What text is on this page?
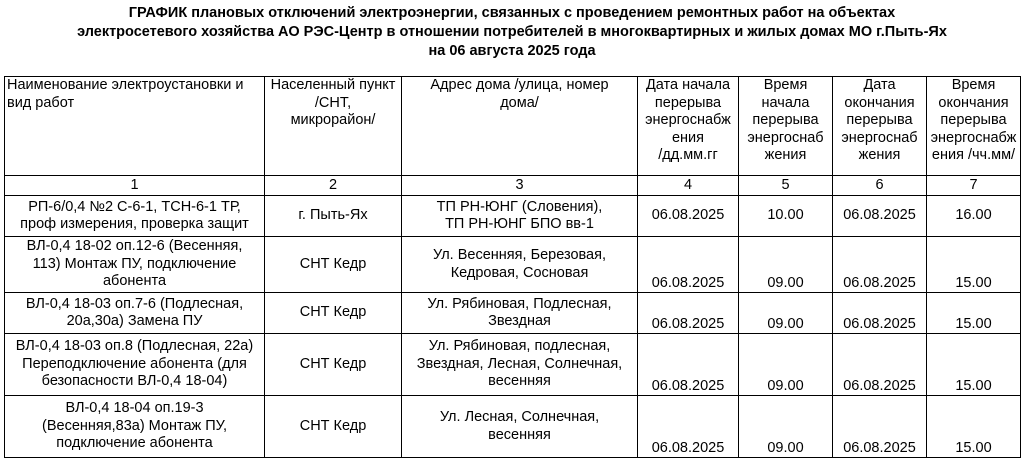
ГРАФИК плановых отключений электроэнергии, связанных с проведением ремонтных работ на объектах
электросетевого хозяйства АО РЭС-Центр в отношении потребителей в многоквартирных и жилых домах МО г.Пыть-Ях
на 06 августа 2025 года
Наименование электроустановки и
вид работ	Населенный пункт
/СНТ,
микрорайон/	Адрес дома /улица, номер
дома/	Дата начала
перерыва
энергоснабж
ения
/дд.мм.гг	Время
начала
перерыва
энергоснаб
жения	Дата
окончания
перерыва
энергоснаб
жения	Время
окончания
перерыва
энергоснабж
ения /чч.мм/

1	2	3	4	5	6	7

РП-6/0,4 №2 С-6-1, ТСН-6-1 ТР,
проф измерения, проверка защит	г. Пыть-Ях	ТП РН-ЮНГ (Словения),
ТП РН-ЮНГ БПО вв-1	06.08.2025	10.00	06.08.2025	16.00

ВЛ-0,4 18-02 оп.12-6 (Весенняя,
113) Монтаж ПУ, подключение
абонента	СНТ Кедр	Ул. Весенняя, Березовая,
Кедровая, Сосновая	06.08.2025	09.00	06.08.2025	15.00

ВЛ-0,4 18-03 оп.7-6 (Подлесная,
20а,30а) Замена ПУ	СНТ Кедр	Ул. Рябиновая, Подлесная,
Звездная	06.08.2025	09.00	06.08.2025	15.00

ВЛ-0,4 18-03 оп.8 (Подлесная, 22а)
Переподключение абонента (для
безопасности ВЛ-0,4 18-04)	СНТ Кедр	Ул. Рябиновая, подлесная,
Звездная, Лесная, Солнечная,
весенняя	06.08.2025	09.00	06.08.2025	15.00

ВЛ-0,4 18-04 оп.19-3
(Весенняя,83а) Монтаж ПУ,
подключение абонента	СНТ Кедр	Ул. Лесная, Солнечная,
весенняя	06.08.2025	09.00	06.08.2025	15.00
